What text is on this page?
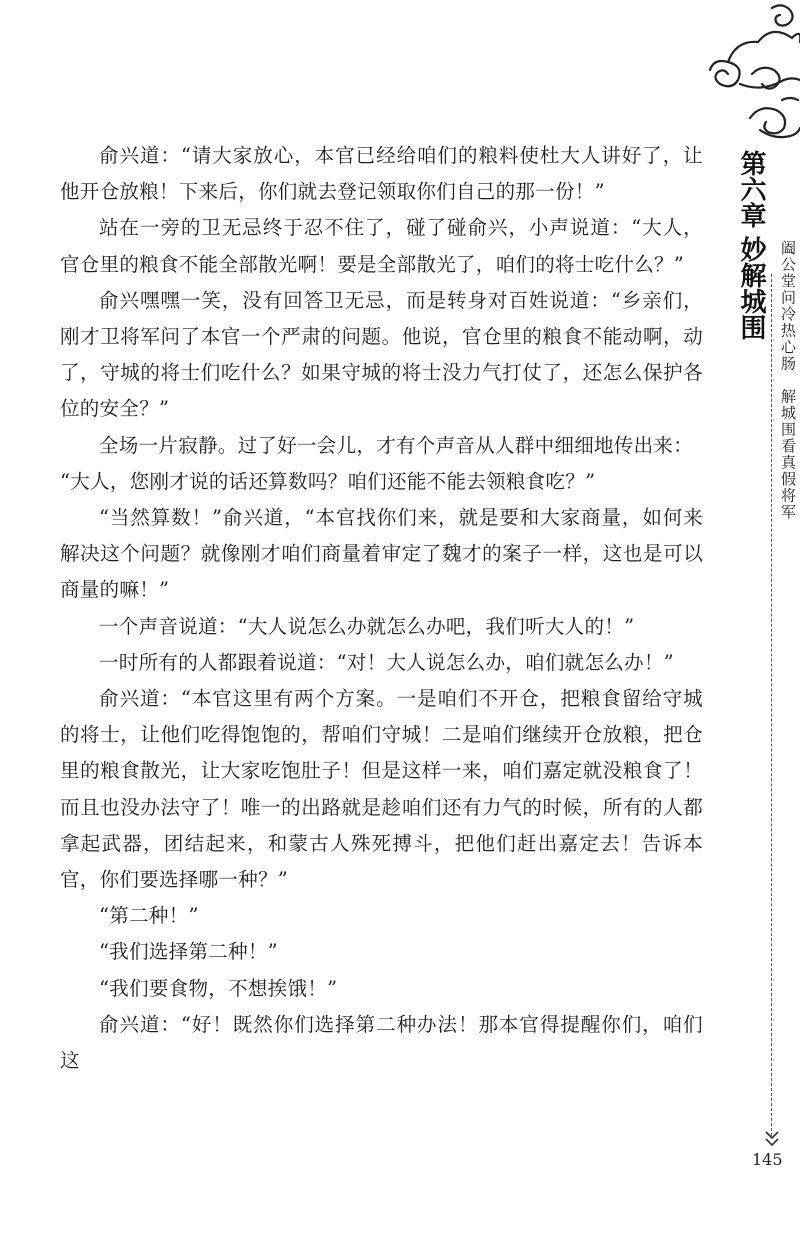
第六章
妙解城围 阖公堂问冷热心肠　解城围看真假将军

俞兴道：“请大家放心，本官已经给咱们的粮料使杜大人讲好了，让他开仓放粮！下来后，你们就去登记领取你们自己的那一份！”

站在一旁的卫无忌终于忍不住了，碰了碰俞兴，小声说道：“大人，官仓里的粮食不能全部散光啊！要是全部散光了，咱们的将士吃什么？”

俞兴嘿嘿一笑，没有回答卫无忌，而是转身对百姓说道：“乡亲们，刚才卫将军问了本官一个严肃的问题。他说，官仓里的粮食不能动啊，动了，守城的将士们吃什么？如果守城的将士没力气打仗了，还怎么保护各位的安全？”

全场一片寂静。过了好一会儿，才有个声音从人群中细细地传出来：

“大人，您刚才说的话还算数吗？咱们还能不能去领粮食吃？”

“当然算数！”俞兴道，“本官找你们来，就是要和大家商量，如何来解决这个问题？就像刚才咱们商量着审定了魏才的案子一样，这也是可以商量的嘛！”

一个声音说道：“大人说怎么办就怎么办吧，我们听大人的！”

一时所有的人都跟着说道：“对！大人说怎么办，咱们就怎么办！”

俞兴道：“本官这里有两个方案。一是咱们不开仓，把粮食留给守城的将士，让他们吃得饱饱的，帮咱们守城！二是咱们继续开仓放粮，把仓里的粮食散光，让大家吃饱肚子！但是这样一来，咱们嘉定就没粮食了！而且也没办法守了！唯一的出路就是趁咱们还有力气的时候，所有的人都拿起武器，团结起来，和蒙古人殊死搏斗，把他们赶出嘉定去！告诉本官，你们要选择哪一种？”

“第二种！”

“我们选择第二种！”

“我们要食物，不想挨饿！”

俞兴道：“好！既然你们选择第二种办法！那本官得提醒你们，咱们这

145
